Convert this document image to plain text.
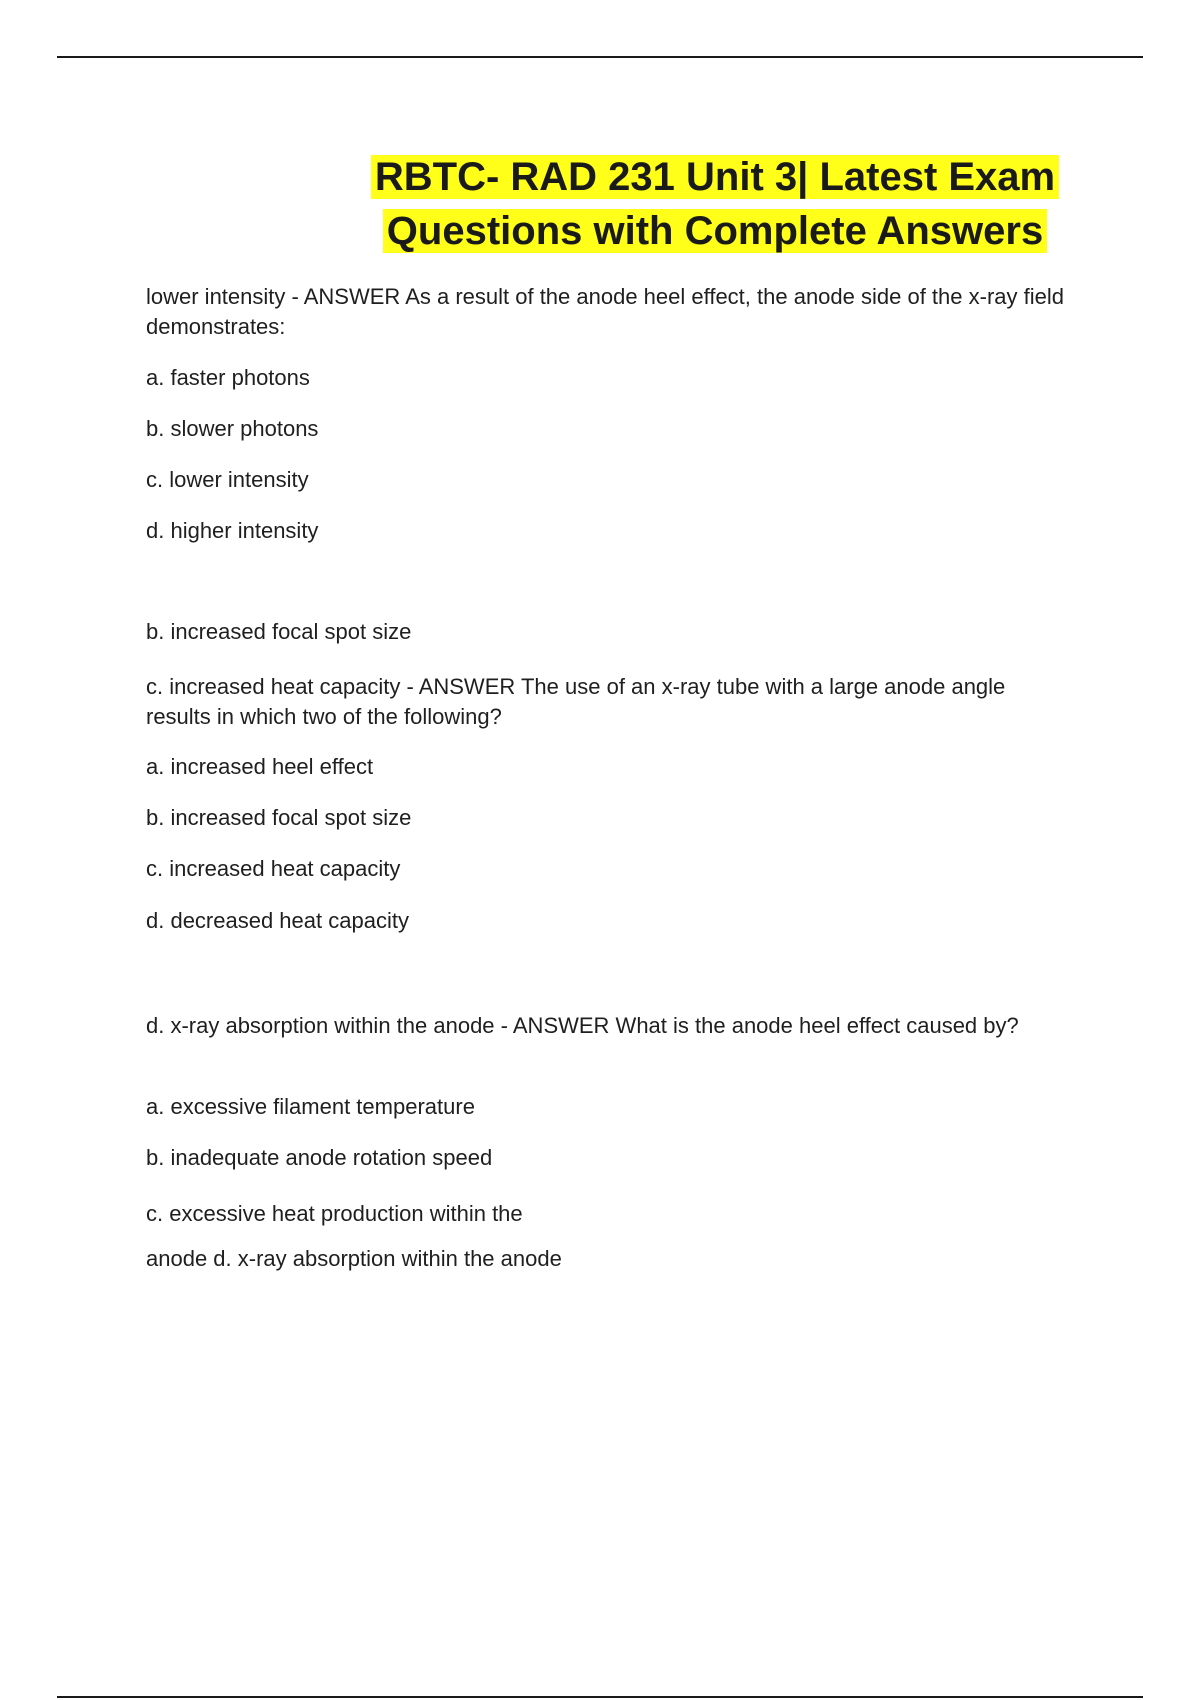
RBTC- RAD 231 Unit 3| Latest Exam
Questions with Complete Answers

lower intensity - ANSWER As a result of the anode heel effect, the anode side of the x-ray field demonstrates:

a. faster photons

b. slower photons

c. lower intensity

d. higher intensity

b. increased focal spot size

c. increased heat capacity - ANSWER The use of an x-ray tube with a large anode angle results in which two of the following?

a. increased heel effect

b. increased focal spot size

c. increased heat capacity

d. decreased heat capacity

d. x-ray absorption within the anode - ANSWER What is the anode heel effect caused by?

a. excessive filament temperature

b. inadequate anode rotation speed

c. excessive heat production within the

anode d. x-ray absorption within the anode
